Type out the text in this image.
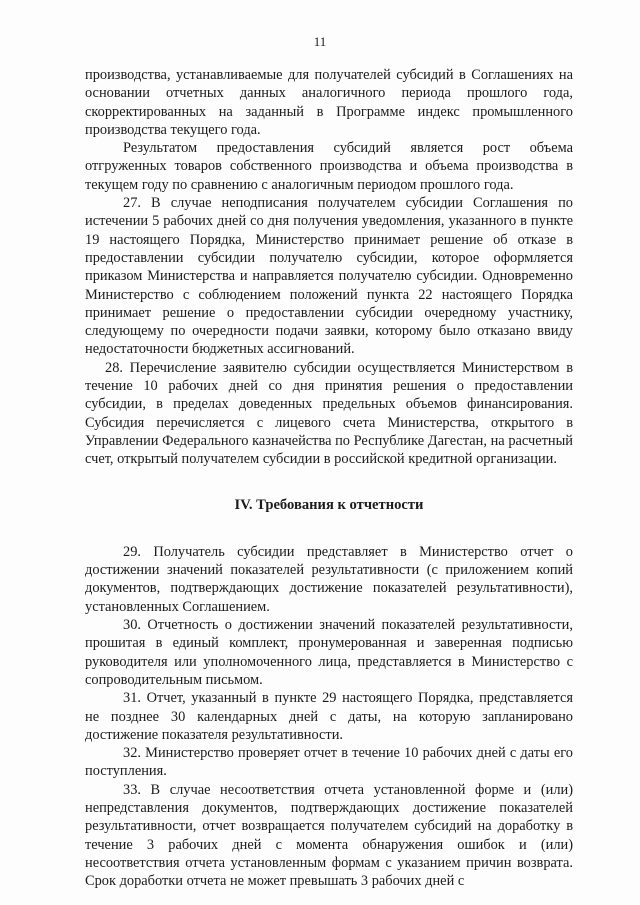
11

производства, устанавливаемые для получателей субсидий в Соглашениях на основании отчетных данных аналогичного периода прошлого года, скорректированных на заданный в Программе индекс промышленного производства текущего года.

Результатом предоставления субсидий является рост объема отгруженных товаров собственного производства и объема производства в текущем году по сравнению с аналогичным периодом прошлого года.

27. В случае неподписания получателем субсидии Соглашения по истечении 5 рабочих дней со дня получения уведомления, указанного в пункте 19 настоящего Порядка, Министерство принимает решение об отказе в предоставлении субсидии получателю субсидии, которое оформляется приказом Министерства и направляется получателю субсидии. Одновременно Министерство с соблюдением положений пункта 22 настоящего Порядка принимает решение о предоставлении субсидии очередному участнику, следующему по очередности подачи заявки, которому было отказано ввиду недостаточности бюджетных ассигнований.

28. Перечисление заявителю субсидии осуществляется Министерством в течение 10 рабочих дней со дня принятия решения о предоставлении субсидии, в пределах доведенных предельных объемов финансирования. Субсидия перечисляется с лицевого счета Министерства, открытого в Управлении Федерального казначейства по Республике Дагестан, на расчетный счет, открытый получателем субсидии в российской кредитной организации.

IV. Требования к отчетности

29. Получатель субсидии представляет в Министерство отчет о достижении значений показателей результативности (с приложением копий документов, подтверждающих достижение показателей результативности), установленных Соглашением.

30. Отчетность о достижении значений показателей результативности, прошитая в единый комплект, пронумерованная и заверенная подписью руководителя или уполномоченного лица, представляется в Министерство с сопроводительным письмом.

31. Отчет, указанный в пункте 29 настоящего Порядка, представляется не позднее 30 календарных дней с даты, на которую запланировано достижение показателя результативности.

32. Министерство проверяет отчет в течение 10 рабочих дней с даты его поступления.

33. В случае несоответствия отчета установленной форме и (или) непредставления документов, подтверждающих достижение показателей результативности, отчет возвращается получателем субсидий на доработку в течение 3 рабочих дней с момента обнаружения ошибок и (или) несоответствия отчета установленным формам с указанием причин возврата. Срок доработки отчета не может превышать 3 рабочих дней с
